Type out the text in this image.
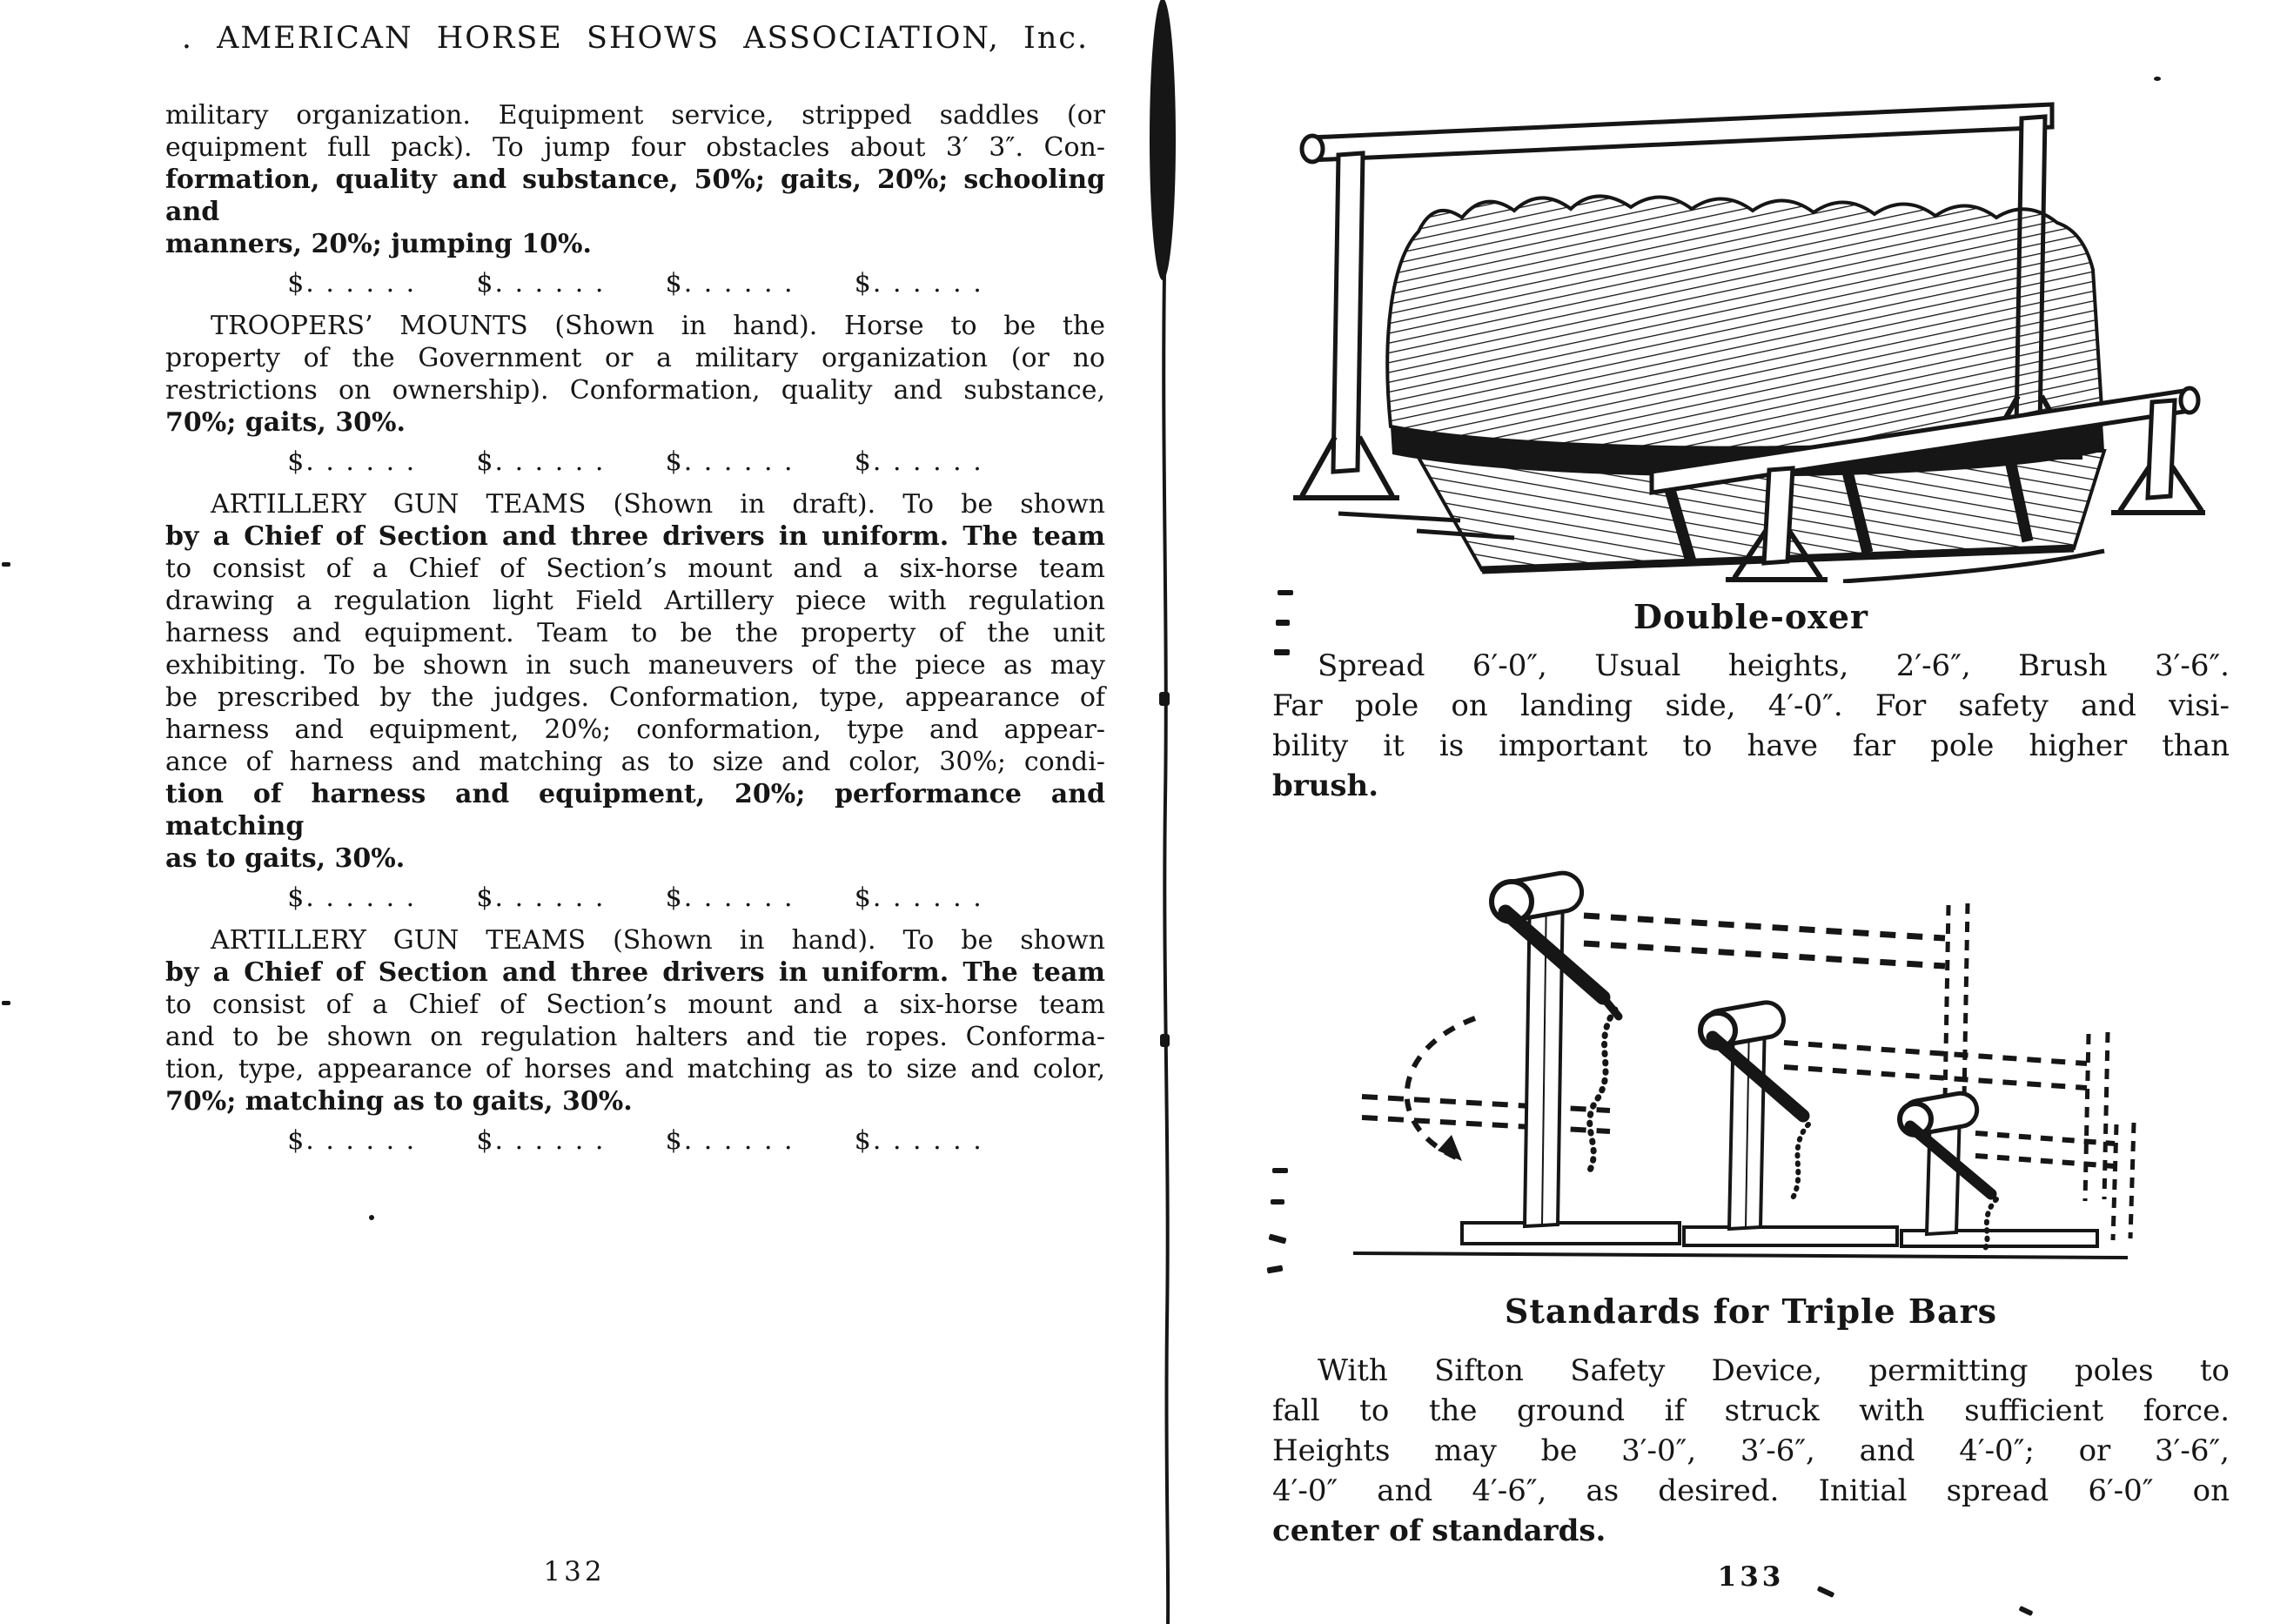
. AMERICAN HORSE SHOWS ASSOCIATION, Inc.
military organization. Equipment service, stripped saddles (or
equipment full pack). To jump four obstacles about 3′ 3″. Con-
formation, quality and substance, 50%; gaits, 20%; schooling and
manners, 20%; jumping 10%.
$. . . . . .      $. . . . . .      $. . . . . .      $. . . . . .
TROOPERS’ MOUNTS (Shown in hand). Horse to be the
property of the Government or a military organization (or no
restrictions on ownership). Conformation, quality and substance,
70%; gaits, 30%.
$. . . . . .      $. . . . . .      $. . . . . .      $. . . . . .
ARTILLERY GUN TEAMS (Shown in draft). To be shown
by a Chief of Section and three drivers in uniform. The team
to consist of a Chief of Section’s mount and a six-horse team
drawing a regulation light Field Artillery piece with regulation
harness and equipment. Team to be the property of the unit
exhibiting. To be shown in such maneuvers of the piece as may
be prescribed by the judges. Conformation, type, appearance of
harness and equipment, 20%; conformation, type and appear-
ance of harness and matching as to size and color, 30%; condi-
tion of harness and equipment, 20%; performance and matching
as to gaits, 30%.
$. . . . . .      $. . . . . .      $. . . . . .      $. . . . . .
ARTILLERY GUN TEAMS (Shown in hand). To be shown
by a Chief of Section and three drivers in uniform. The team
to consist of a Chief of Section’s mount and a six-horse team
and to be shown on regulation halters and tie ropes. Conforma-
tion, type, appearance of horses and matching as to size and color,
70%; matching as to gaits, 30%.
$. . . . . .      $. . . . . .      $. . . . . .      $. . . . . .
132
Double-oxer
Spread 6′-0″, Usual heights, 2′-6″, Brush 3′-6″.
Far pole on landing side, 4′-0″. For safety and visi-
bility it is important to have far pole higher than
brush.
Standards for Triple Bars
With Sifton Safety Device, permitting poles to
fall to the ground if struck with sufficient force.
Heights may be 3′-0″, 3′-6″, and 4′-0″; or 3′-6″,
4′-0″ and 4′-6″, as desired. Initial spread 6′-0″ on
center of standards.
133
